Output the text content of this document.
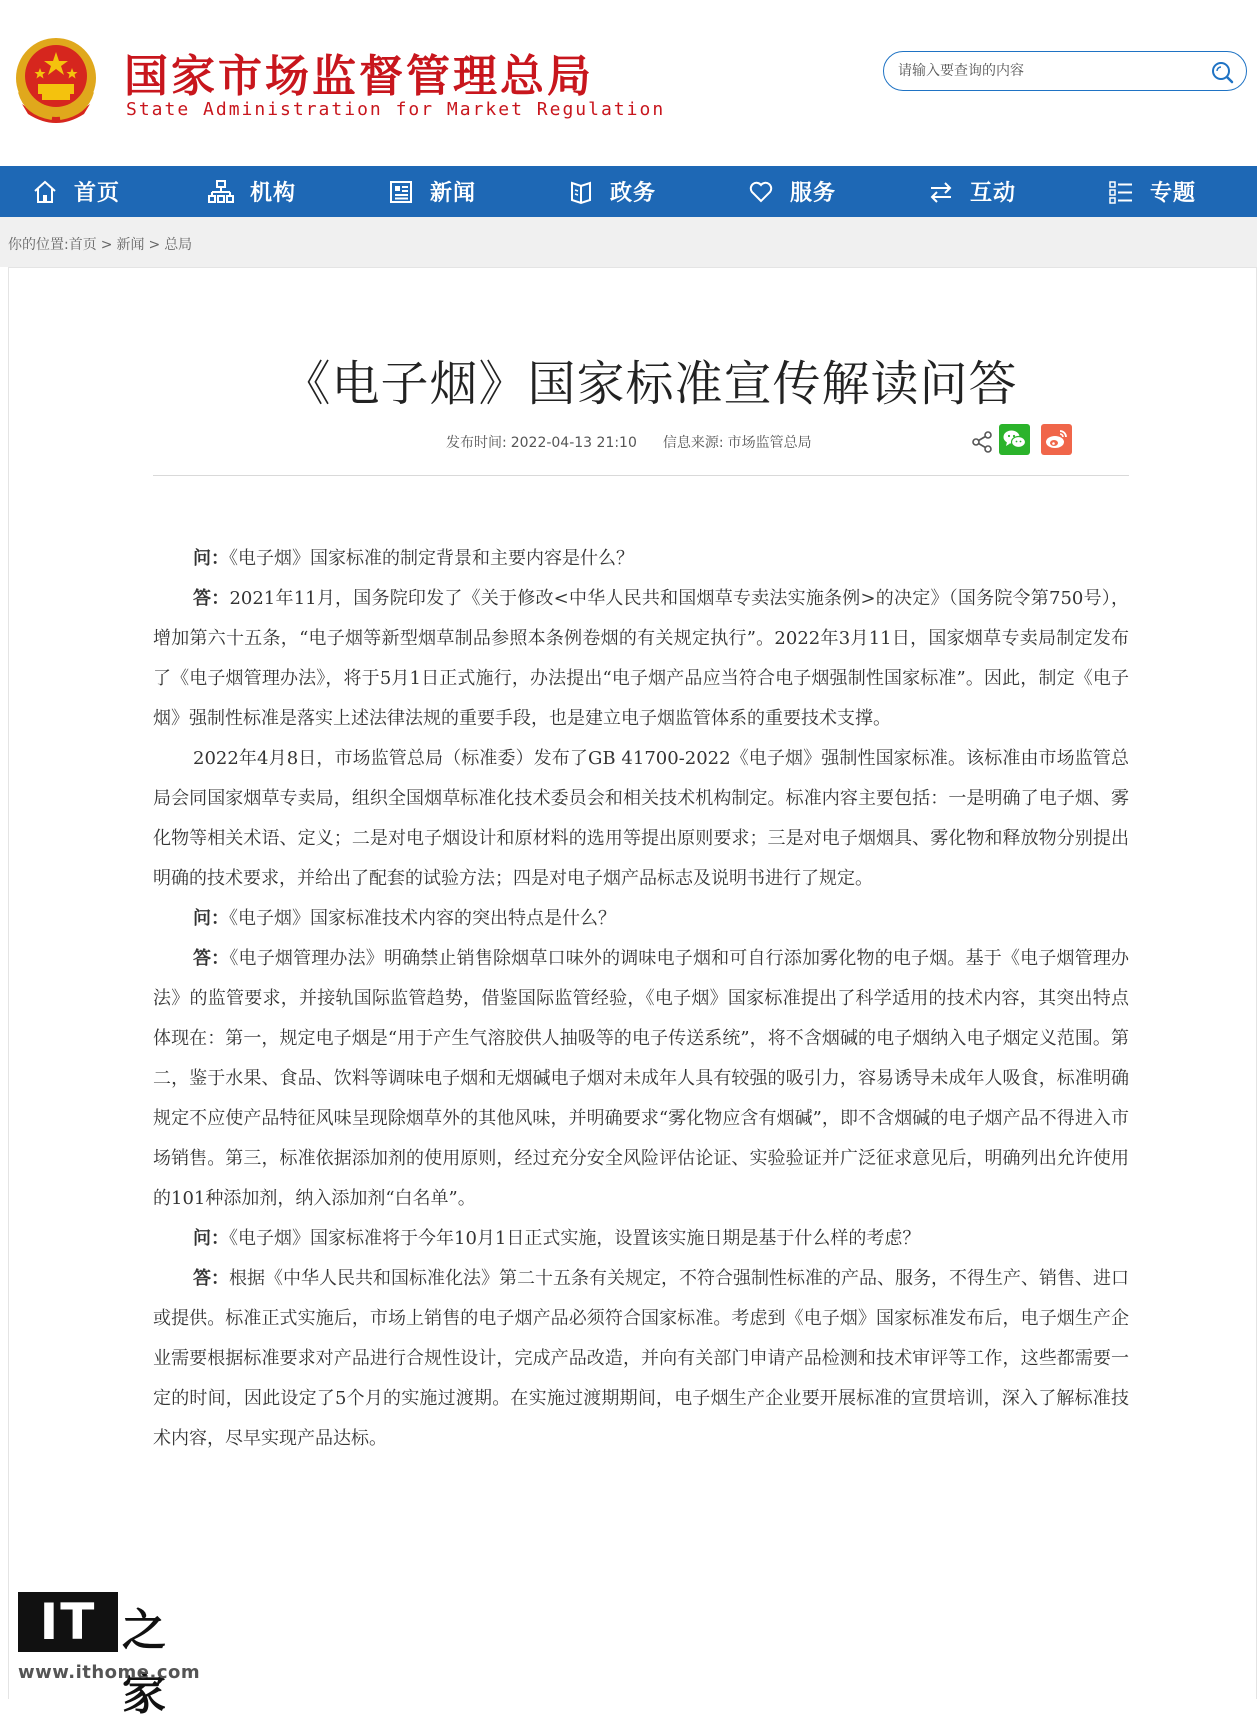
国家市场监督管理总局
State Administration for Market Regulation
请输入要查询的内容
首页	机构	新闻	政务	服务	互动	专题
你的位置:首页 > 新闻 > 总局
《电子烟》国家标准宣传解读问答
发布时间: 2022-04-13 21:10 信息来源: 市场监管总局

问：《电子烟》国家标准的制定背景和主要内容是什么？

答：2021年11月，国务院印发了《关于修改<中华人民共和国烟草专卖法实施条例>的决定》（国务院令第750号），增加第六十五条，“电子烟等新型烟草制品参照本条例卷烟的有关规定执行”。2022年3月11日，国家烟草专卖局制定发布了《电子烟管理办法》，将于5月1日正式施行，办法提出“电子烟产品应当符合电子烟强制性国家标准”。因此，制定《电子烟》强制性标准是落实上述法律法规的重要手段，也是建立电子烟监管体系的重要技术支撑。

2022年4月8日，市场监管总局（标准委）发布了GB 41700-2022《电子烟》强制性国家标准。该标准由市场监管总局会同国家烟草专卖局，组织全国烟草标准化技术委员会和相关技术机构制定。标准内容主要包括：一是明确了电子烟、雾化物等相关术语、定义；二是对电子烟设计和原材料的选用等提出原则要求；三是对电子烟烟具、雾化物和释放物分别提出明确的技术要求，并给出了配套的试验方法；四是对电子烟产品标志及说明书进行了规定。

问：《电子烟》国家标准技术内容的突出特点是什么？

答：《电子烟管理办法》明确禁止销售除烟草口味外的调味电子烟和可自行添加雾化物的电子烟。基于《电子烟管理办法》的监管要求，并接轨国际监管趋势，借鉴国际监管经验，《电子烟》国家标准提出了科学适用的技术内容，其突出特点体现在：第一，规定电子烟是“用于产生气溶胶供人抽吸等的电子传送系统”，将不含烟碱的电子烟纳入电子烟定义范围。第二，鉴于水果、食品、饮料等调味电子烟和无烟碱电子烟对未成年人具有较强的吸引力，容易诱导未成年人吸食，标准明确规定不应使产品特征风味呈现除烟草外的其他风味，并明确要求“雾化物应含有烟碱”，即不含烟碱的电子烟产品不得进入市场销售。第三，标准依据添加剂的使用原则，经过充分安全风险评估论证、实验验证并广泛征求意见后，明确列出允许使用的101种添加剂，纳入添加剂“白名单”。

问：《电子烟》国家标准将于今年10月1日正式实施，设置该实施日期是基于什么样的考虑？

答：根据《中华人民共和国标准化法》第二十五条有关规定，不符合强制性标准的产品、服务，不得生产、销售、进口或提供。标准正式实施后，市场上销售的电子烟产品必须符合国家标准。考虑到《电子烟》国家标准发布后，电子烟生产企业需要根据标准要求对产品进行合规性设计，完成产品改造，并向有关部门申请产品检测和技术审评等工作，这些都需要一定的时间，因此设定了5个月的实施过渡期。在实施过渡期期间，电子烟生产企业要开展标准的宣贯培训，深入了解标准技术内容，尽早实现产品达标。

IT 之家
www.ithome.com
